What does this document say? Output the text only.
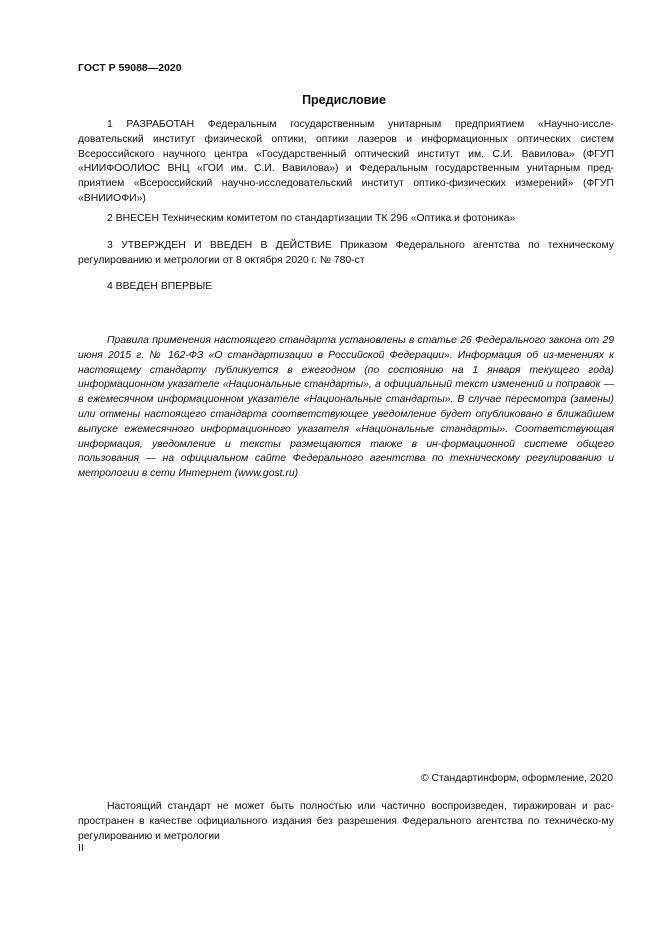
ГОСТ Р 59088—2020
Предисловие

1 РАЗРАБОТАН Федеральным государственным унитарным предприятием «Научно-иссле-довательский институт физической оптики, оптики лазеров и информационных оптических систем Всероссийского научного центра «Государственный оптический институт им. С.И. Вавилова» (ФГУП «НИИФООЛИОС ВНЦ «ГОИ им. С.И. Вавилова») и Федеральным государственным унитарным пред-приятием «Всероссийский научно-исследовательский институт оптико-физических измерений» (ФГУП «ВНИИОФИ»)

2 ВНЕСЕН Техническим комитетом по стандартизации ТК 296 «Оптика и фотоника»

3 УТВЕРЖДЕН И ВВЕДЕН В ДЕЙСТВИЕ Приказом Федерального агентства по техническому регулированию и метрологии от 8 октября 2020 г. № 780-ст

4 ВВЕДЕН ВПЕРВЫЕ

Правила применения настоящего стандарта установлены в статье 26 Федерального закона от 29 июня 2015 г. № 162-ФЗ «О стандартизации в Российской Федерации». Информация об из-менениях к настоящему стандарту публикуется в ежегодном (по состоянию на 1 января текущего года) информационном указателе «Национальные стандарты», а официальный текст изменений и поправок — в ежемесячном информационном указателе «Национальные стандарты». В случае пересмотра (замены) или отмены настоящего стандарта соответствующее уведомление будет опубликовано в ближайшем выпуске ежемесячного информационного указателя «Национальные стандарты». Соответствующая информация, уведомление и тексты размещаются также в ин-формационной системе общего пользования — на официальном сайте Федерального агентства по техническому регулированию и метрологии в сети Интернет (www.gost.ru)

© Стандартинформ, оформление, 2020

Настоящий стандарт не может быть полностью или частично воспроизведен, тиражирован и рас-пространен в качестве официального издания без разрешения Федерального агентства по техническо-му регулированию и метрологии

II
